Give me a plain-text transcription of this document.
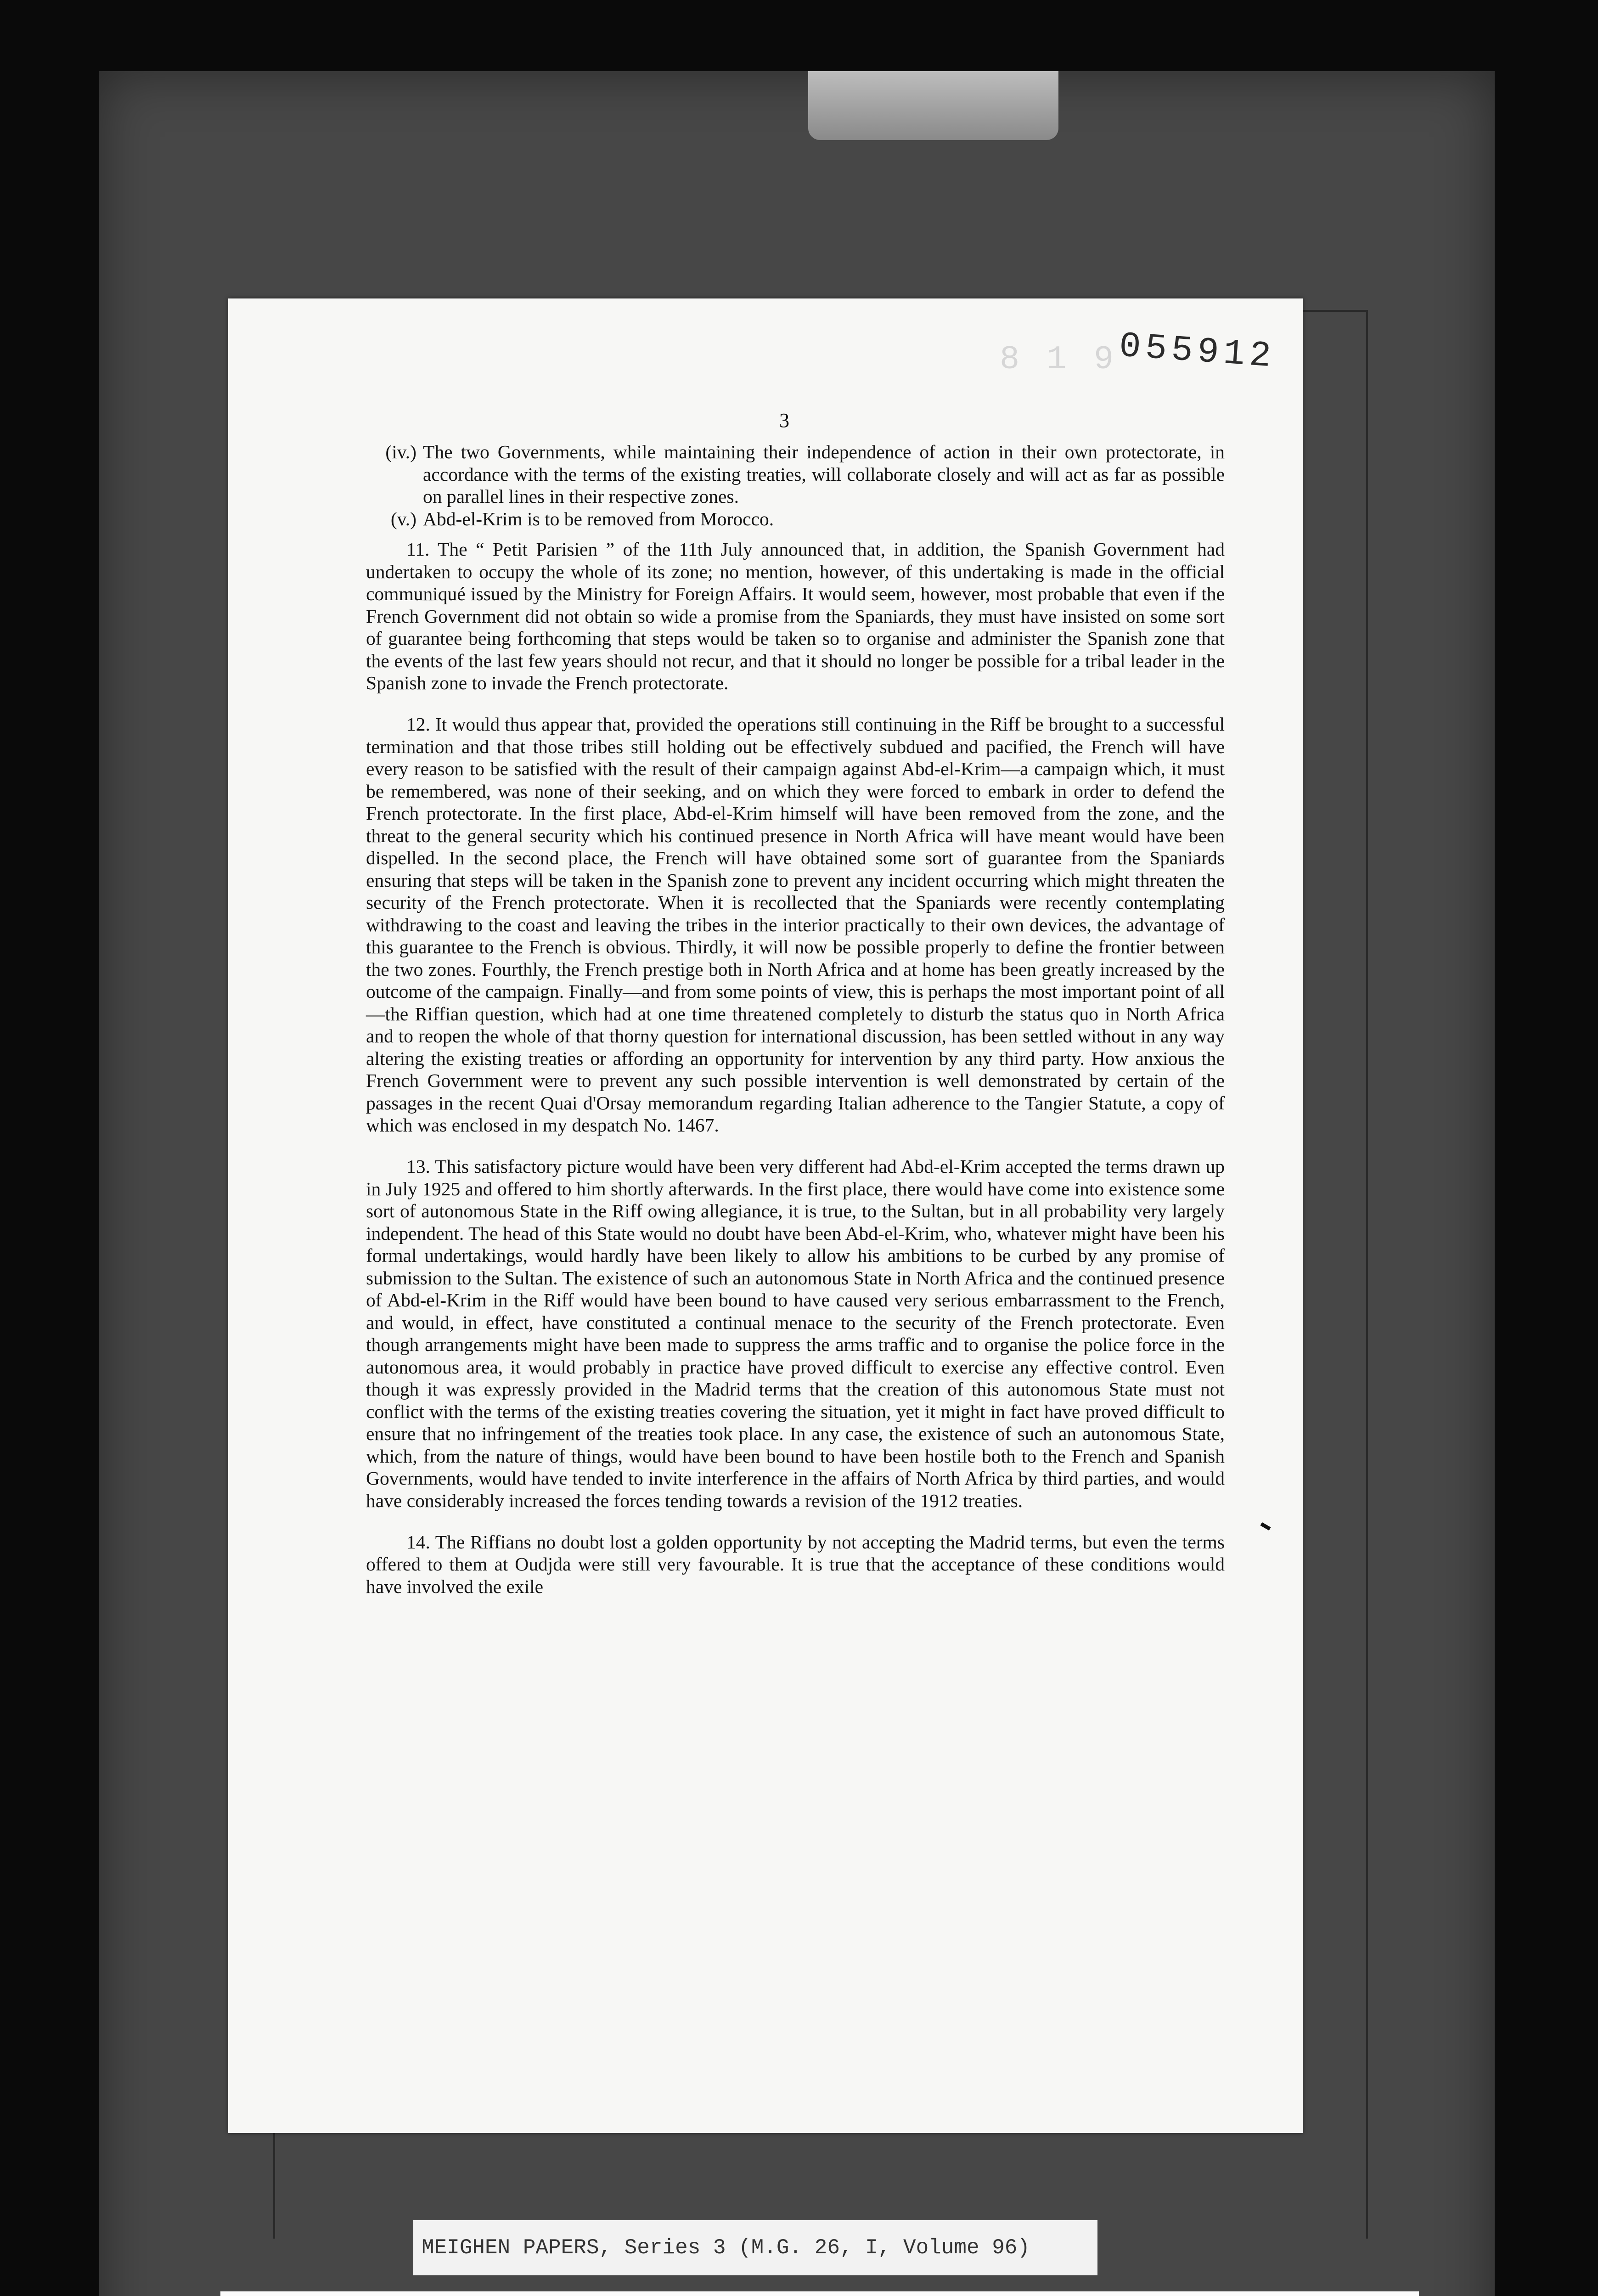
8 1 9 055912
3
(iv.) The two Governments, while maintaining their independence of action in their own protectorate, in accordance with the terms of the existing treaties, will collaborate closely and will act as far as possible on parallel lines in their respective zones.
(v.) Abd-el-Krim is to be removed from Morocco.

11. The “ Petit Parisien ” of the 11th July announced that, in addition, the Spanish Government had undertaken to occupy the whole of its zone; no mention, however, of this undertaking is made in the official communiqué issued by the Ministry for Foreign Affairs. It would seem, however, most probable that even if the French Government did not obtain so wide a promise from the Spaniards, they must have insisted on some sort of guarantee being forthcoming that steps would be taken so to organise and administer the Spanish zone that the events of the last few years should not recur, and that it should no longer be possible for a tribal leader in the Spanish zone to invade the French protectorate.

12. It would thus appear that, provided the operations still continuing in the Riff be brought to a successful termination and that those tribes still holding out be effectively subdued and pacified, the French will have every reason to be satisfied with the result of their campaign against Abd-el-Krim—a campaign which, it must be remembered, was none of their seeking, and on which they were forced to embark in order to defend the French protectorate. In the first place, Abd-el-Krim himself will have been removed from the zone, and the threat to the general security which his continued presence in North Africa will have meant would have been dispelled. In the second place, the French will have obtained some sort of guarantee from the Spaniards ensuring that steps will be taken in the Spanish zone to prevent any incident occurring which might threaten the security of the French protectorate. When it is recollected that the Spaniards were recently contemplating withdrawing to the coast and leaving the tribes in the interior practically to their own devices, the advantage of this guarantee to the French is obvious. Thirdly, it will now be possible properly to define the frontier between the two zones. Fourthly, the French prestige both in North Africa and at home has been greatly increased by the outcome of the campaign. Finally—and from some points of view, this is perhaps the most important point of all—the Riffian question, which had at one time threatened completely to disturb the status quo in North Africa and to reopen the whole of that thorny question for international discussion, has been settled without in any way altering the existing treaties or affording an opportunity for intervention by any third party. How anxious the French Government were to prevent any such possible intervention is well demonstrated by certain of the passages in the recent Quai d'Orsay memorandum regarding Italian adherence to the Tangier Statute, a copy of which was enclosed in my despatch No. 1467.

13. This satisfactory picture would have been very different had Abd-el-Krim accepted the terms drawn up in July 1925 and offered to him shortly afterwards. In the first place, there would have come into existence some sort of autonomous State in the Riff owing allegiance, it is true, to the Sultan, but in all probability very largely independent. The head of this State would no doubt have been Abd-el-Krim, who, whatever might have been his formal undertakings, would hardly have been likely to allow his ambitions to be curbed by any promise of submission to the Sultan. The existence of such an autonomous State in North Africa and the continued presence of Abd-el-Krim in the Riff would have been bound to have caused very serious embarrassment to the French, and would, in effect, have constituted a continual menace to the security of the French protectorate. Even though arrangements might have been made to suppress the arms traffic and to organise the police force in the autonomous area, it would probably in practice have proved difficult to exercise any effective control. Even though it was expressly provided in the Madrid terms that the creation of this autonomous State must not conflict with the terms of the existing treaties covering the situation, yet it might in fact have proved difficult to ensure that no infringement of the treaties took place. In any case, the existence of such an autonomous State, which, from the nature of things, would have been bound to have been hostile both to the French and Spanish Governments, would have tended to invite interference in the affairs of North Africa by third parties, and would have considerably increased the forces tending towards a revision of the 1912 treaties.

14. The Riffians no doubt lost a golden opportunity by not accepting the Madrid terms, but even the terms offered to them at Oudjda were still very favourable. It is true that the acceptance of these conditions would have involved the exile

MEIGHEN PAPERS, Series 3 (M.G. 26, I, Volume 96)
